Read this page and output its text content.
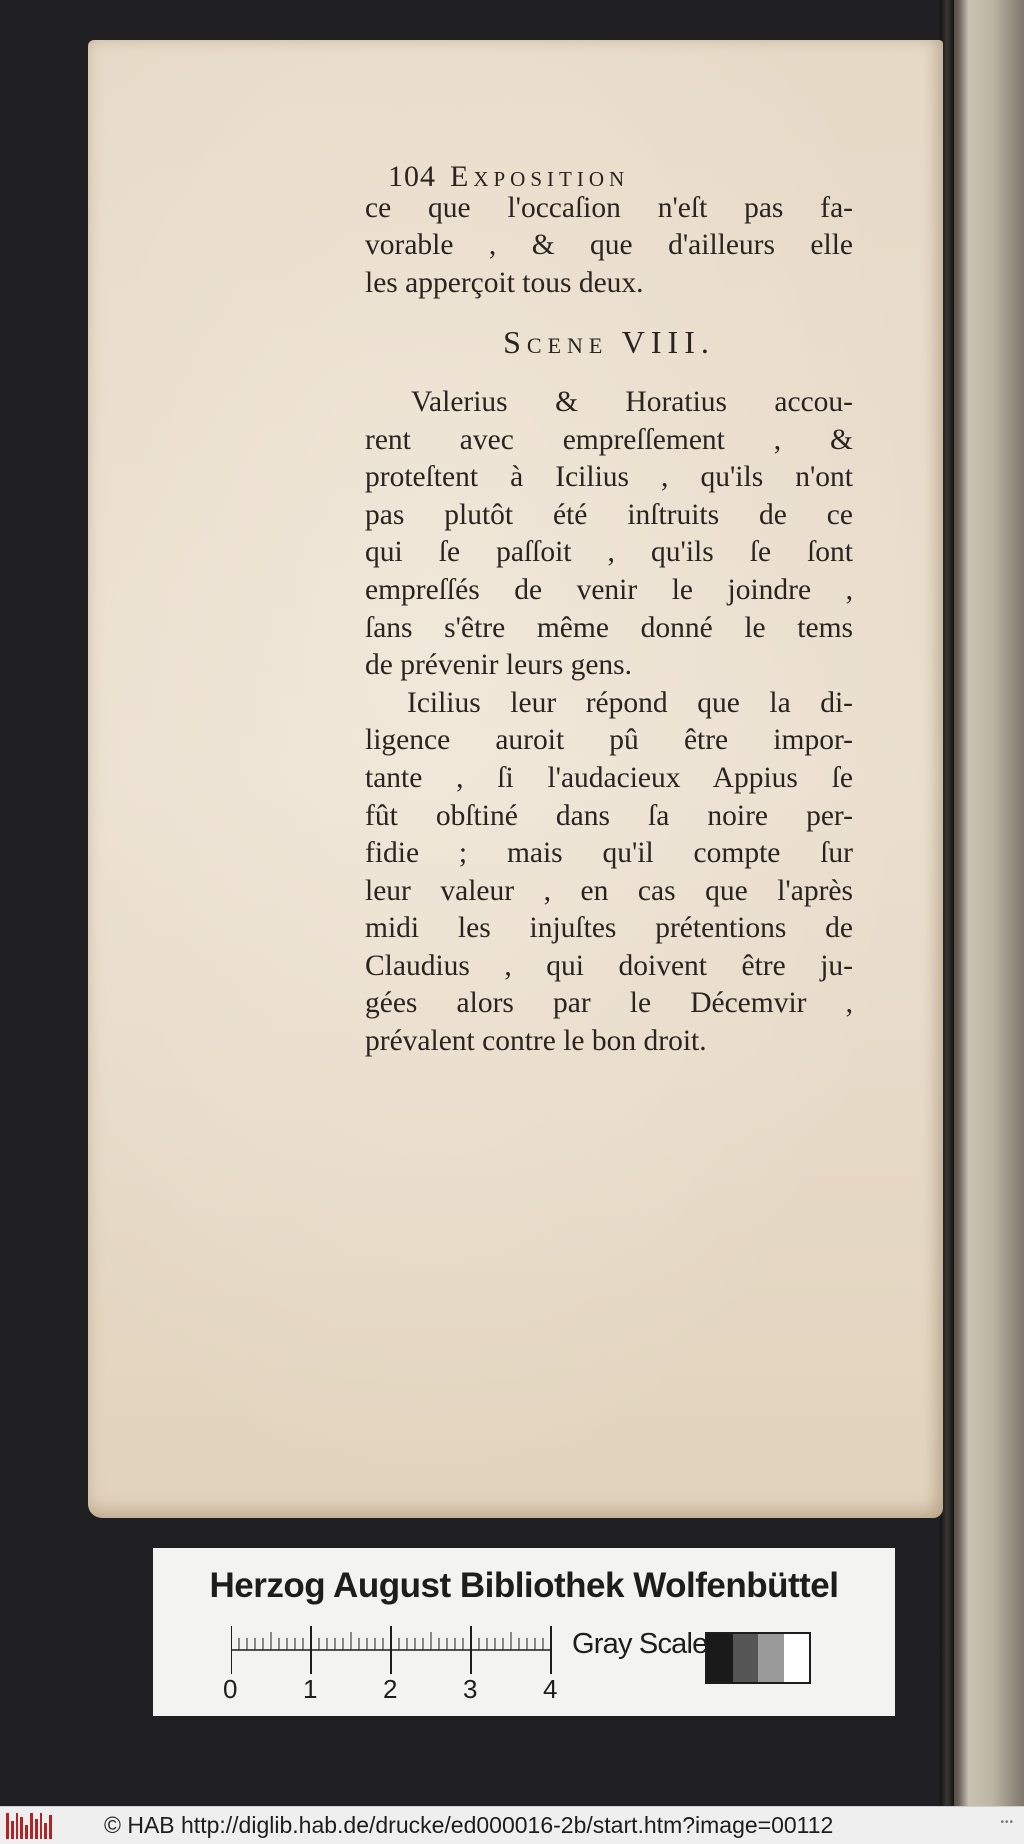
104 Exposition
ce que l'occaſion n'eſt pas fa-
vorable , & que d'ailleurs elle
les apperçoit tous deux.
Scene VIII.
Valerius & Horatius accou-
rent avec empreſſement , &
proteſtent à Icilius , qu'ils n'ont
pas plutôt été inſtruits de ce
qui ſe paſſoit , qu'ils ſe ſont
empreſſés de venir le joindre ,
ſans s'être même donné le tems
de prévenir leurs gens.
Icilius leur répond que la di-
ligence auroit pû être impor-
tante , ſi l'audacieux Appius ſe
fût obſtiné dans ſa noire per-
fidie ; mais qu'il compte ſur
leur valeur , en cas que l'après
midi les injuſtes prétentions de
Claudius , qui doivent être ju-
gées alors par le Décemvir ,
prévalent contre le bon droit.
Herzog August Bibliothek Wolfenbüttel
0	1	2	3	4
Gray Scale
© HAB http://diglib.hab.de/drucke/ed000016-2b/start.htm?image=00112	•••
